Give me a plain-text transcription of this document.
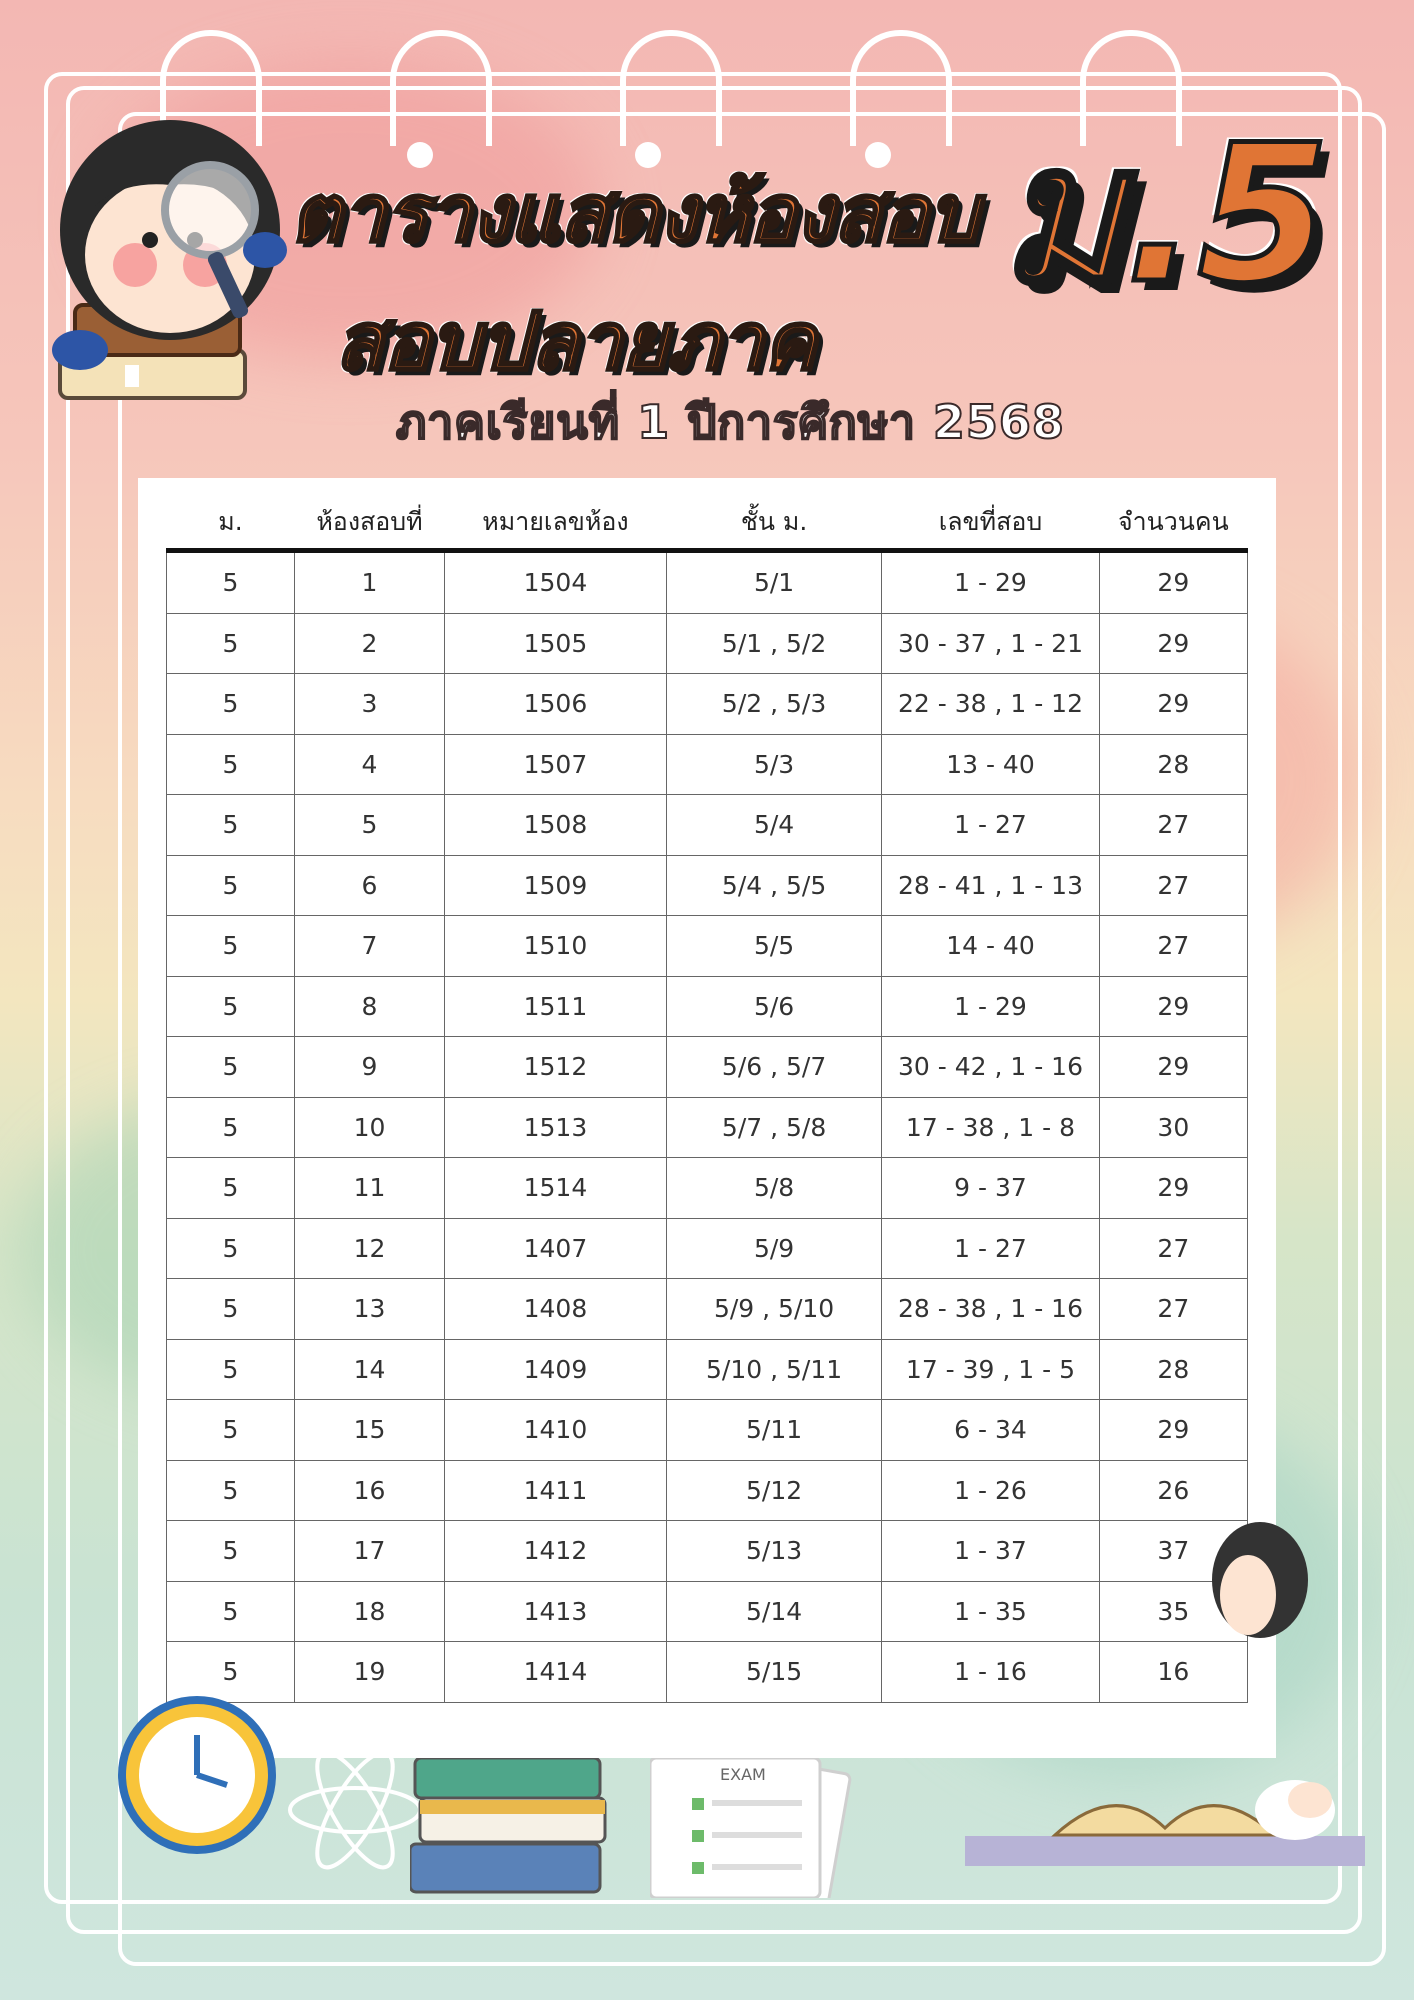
ตารางแสดงห้องสอบ
สอบปลายภาค
ม.5
ภาคเรียนที่ 1 ปีการศึกษา 2568
ม.	ห้องสอบที่	หมายเลขห้อง	ชั้น ม.	เลขที่สอบ	จำนวนคน
5	1	1504	5/1	1 - 29	29
5	2	1505	5/1 , 5/2	30 - 37 , 1 - 21	29
5	3	1506	5/2 , 5/3	22 - 38 , 1 - 12	29
5	4	1507	5/3	13 - 40	28
5	5	1508	5/4	1 - 27	27
5	6	1509	5/4 , 5/5	28 - 41 , 1 - 13	27
5	7	1510	5/5	14 - 40	27
5	8	1511	5/6	1 - 29	29
5	9	1512	5/6 , 5/7	30 - 42 , 1 - 16	29
5	10	1513	5/7 , 5/8	17 - 38 , 1 - 8	30
5	11	1514	5/8	9 - 37	29
5	12	1407	5/9	1 - 27	27
5	13	1408	5/9 , 5/10	28 - 38 , 1 - 16	27
5	14	1409	5/10 , 5/11	17 - 39 , 1 - 5	28
5	15	1410	5/11	6 - 34	29
5	16	1411	5/12	1 - 26	26
5	17	1412	5/13	1 - 37	37
5	18	1413	5/14	1 - 35	35
5	19	1414	5/15	1 - 16	16
EXAM
